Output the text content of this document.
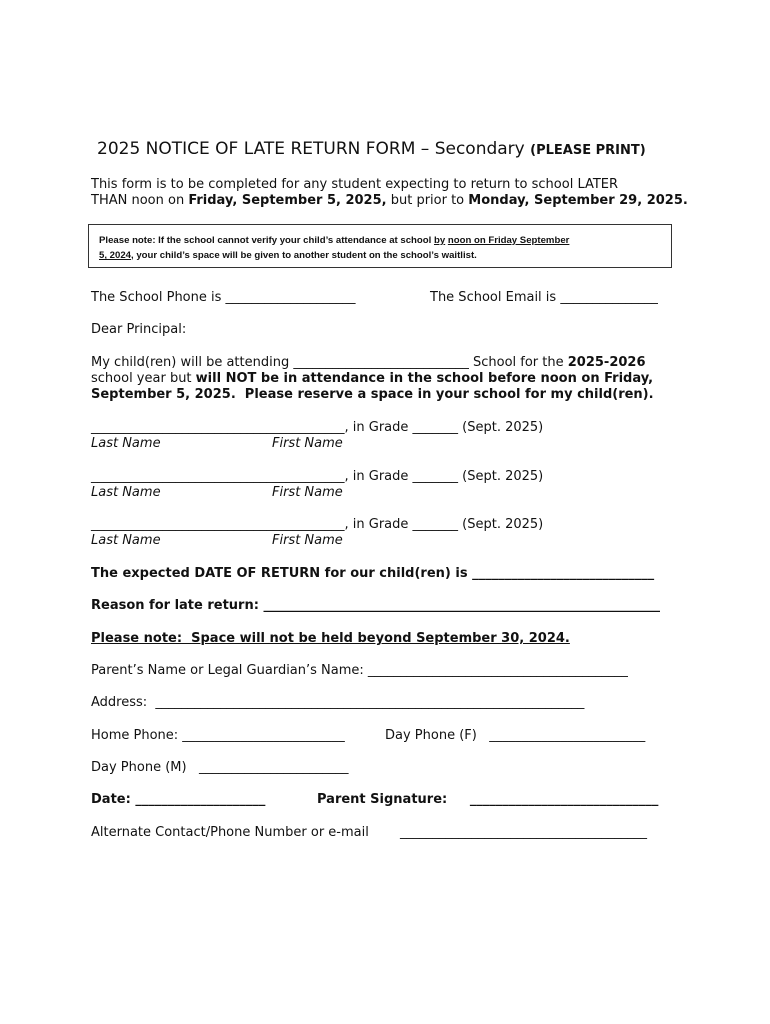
2025 NOTICE OF LATE RETURN FORM – Secondary (PLEASE PRINT)
This form is to be completed for any student expecting to return to school LATER
THAN noon on Friday, September 5, 2025, but prior to Monday, September 29, 2025.
Please note: If the school cannot verify your child’s attendance at school by noon on Friday September
5, 2024, your child’s space will be given to another student on the school’s waitlist.
The School Phone is ____________________	The School Email is _______________
Dear Principal:
My child(ren) will be attending ___________________________ School for the 2025-2026
school year but will NOT be in attendance in the school before noon on Friday,
September 5, 2025.  Please reserve a space in your school for my child(ren).
_______________________________________, in Grade _______ (Sept. 2025)
Last Name	First Name
_______________________________________, in Grade _______ (Sept. 2025)
Last Name	First Name
_______________________________________, in Grade _______ (Sept. 2025)
Last Name	First Name
The expected DATE OF RETURN for our child(ren) is ____________________________
Reason for late return: _____________________________________________________________
Please note:  Space will not be held beyond September 30, 2024.
Parent’s Name or Legal Guardian’s Name: ________________________________________
Address:  __________________________________________________________________
Home Phone: _________________________	Day Phone (F)   ________________________
Day Phone (M)   _______________________
Date: ____________________	Parent Signature:     _____________________________
Alternate Contact/Phone Number or e-mail ______________________________________
